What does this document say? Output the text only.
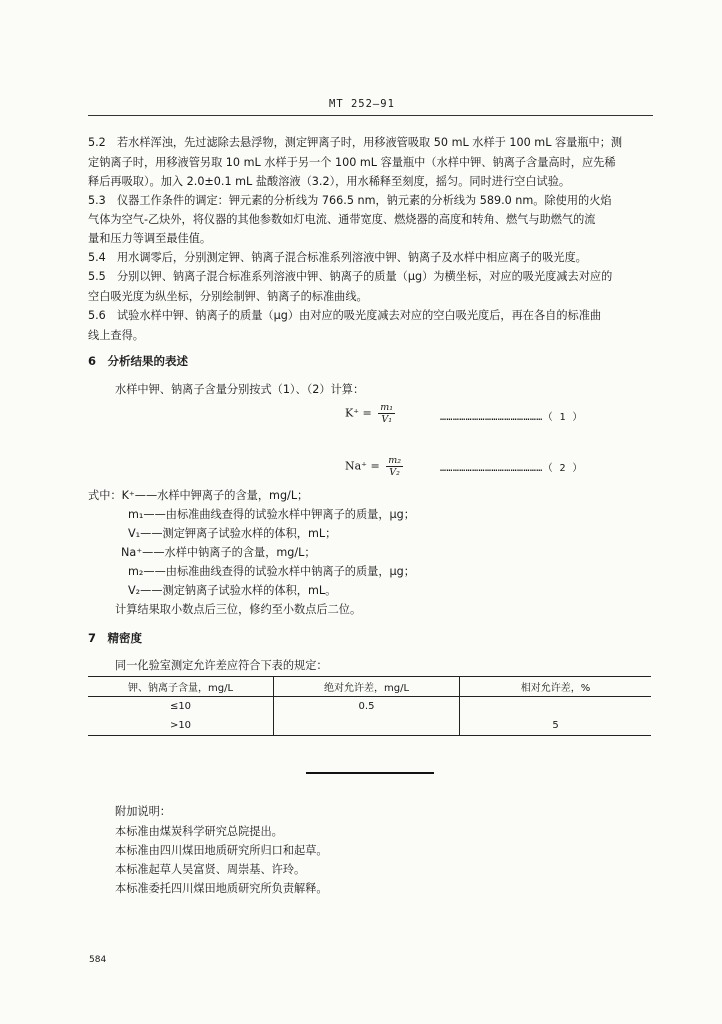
MT 252—91
5.2　若水样浑浊，先过滤除去悬浮物，测定钾离子时，用移液管吸取 50 mL 水样于 100 mL 容量瓶中；测
定钠离子时，用移液管另取 10 mL 水样于另一个 100 mL 容量瓶中（水样中钾、钠离子含量高时，应先稀
释后再吸取）。加入 2.0±0.1 mL 盐酸溶液（3.2），用水稀释至刻度，摇匀。同时进行空白试验。
5.3　仪器工作条件的调定：钾元素的分析线为 766.5 nm，钠元素的分析线为 589.0 nm。除使用的火焰
气体为空气-乙炔外，将仪器的其他参数如灯电流、通带宽度、燃烧器的高度和转角、燃气与助燃气的流
量和压力等调至最佳值。
5.4　用水调零后，分别测定钾、钠离子混合标准系列溶液中钾、钠离子及水样中相应离子的吸光度。
5.5　分别以钾、钠离子混合标准系列溶液中钾、钠离子的质量（μg）为横坐标，对应的吸光度减去对应的
空白吸光度为纵坐标，分别绘制钾、钠离子的标准曲线。
5.6　试验水样中钾、钠离子的质量（μg）由对应的吸光度减去对应的空白吸光度后，再在各自的标准曲
线上查得。
6　分析结果的表述
水样中钾、钠离子含量分别按式（1）、（2）计算：
$K^+ = \frac{\text{m₁}}{\text{V₁}}$	…………………………………………（ 1 ）
$Na^+ = \frac{\text{m₂}}{\text{V₂}}$	…………………………………………（ 2 ）
式中：K⁺——水样中钾离子的含量，mg/L；
m₁——由标准曲线查得的试验水样中钾离子的质量，μg；
V₁——测定钾离子试验水样的体积，mL；
Na⁺——水样中钠离子的含量，mg/L；
m₂——由标准曲线查得的试验水样中钠离子的质量，μg；
V₂——测定钠离子试验水样的体积，mL。
计算结果取小数点后三位，修约至小数点后二位。
7　精密度
同一化验室测定允许差应符合下表的规定：
钾、钠离子含量，mg/L	绝对允许差，mg/L	相对允许差，%
≤10	0.5	
>10		5
附加说明：
本标准由煤炭科学研究总院提出。
本标准由四川煤田地质研究所归口和起草。
本标准起草人吴富贤、周崇基、许玲。
本标准委托四川煤田地质研究所负责解释。
584
